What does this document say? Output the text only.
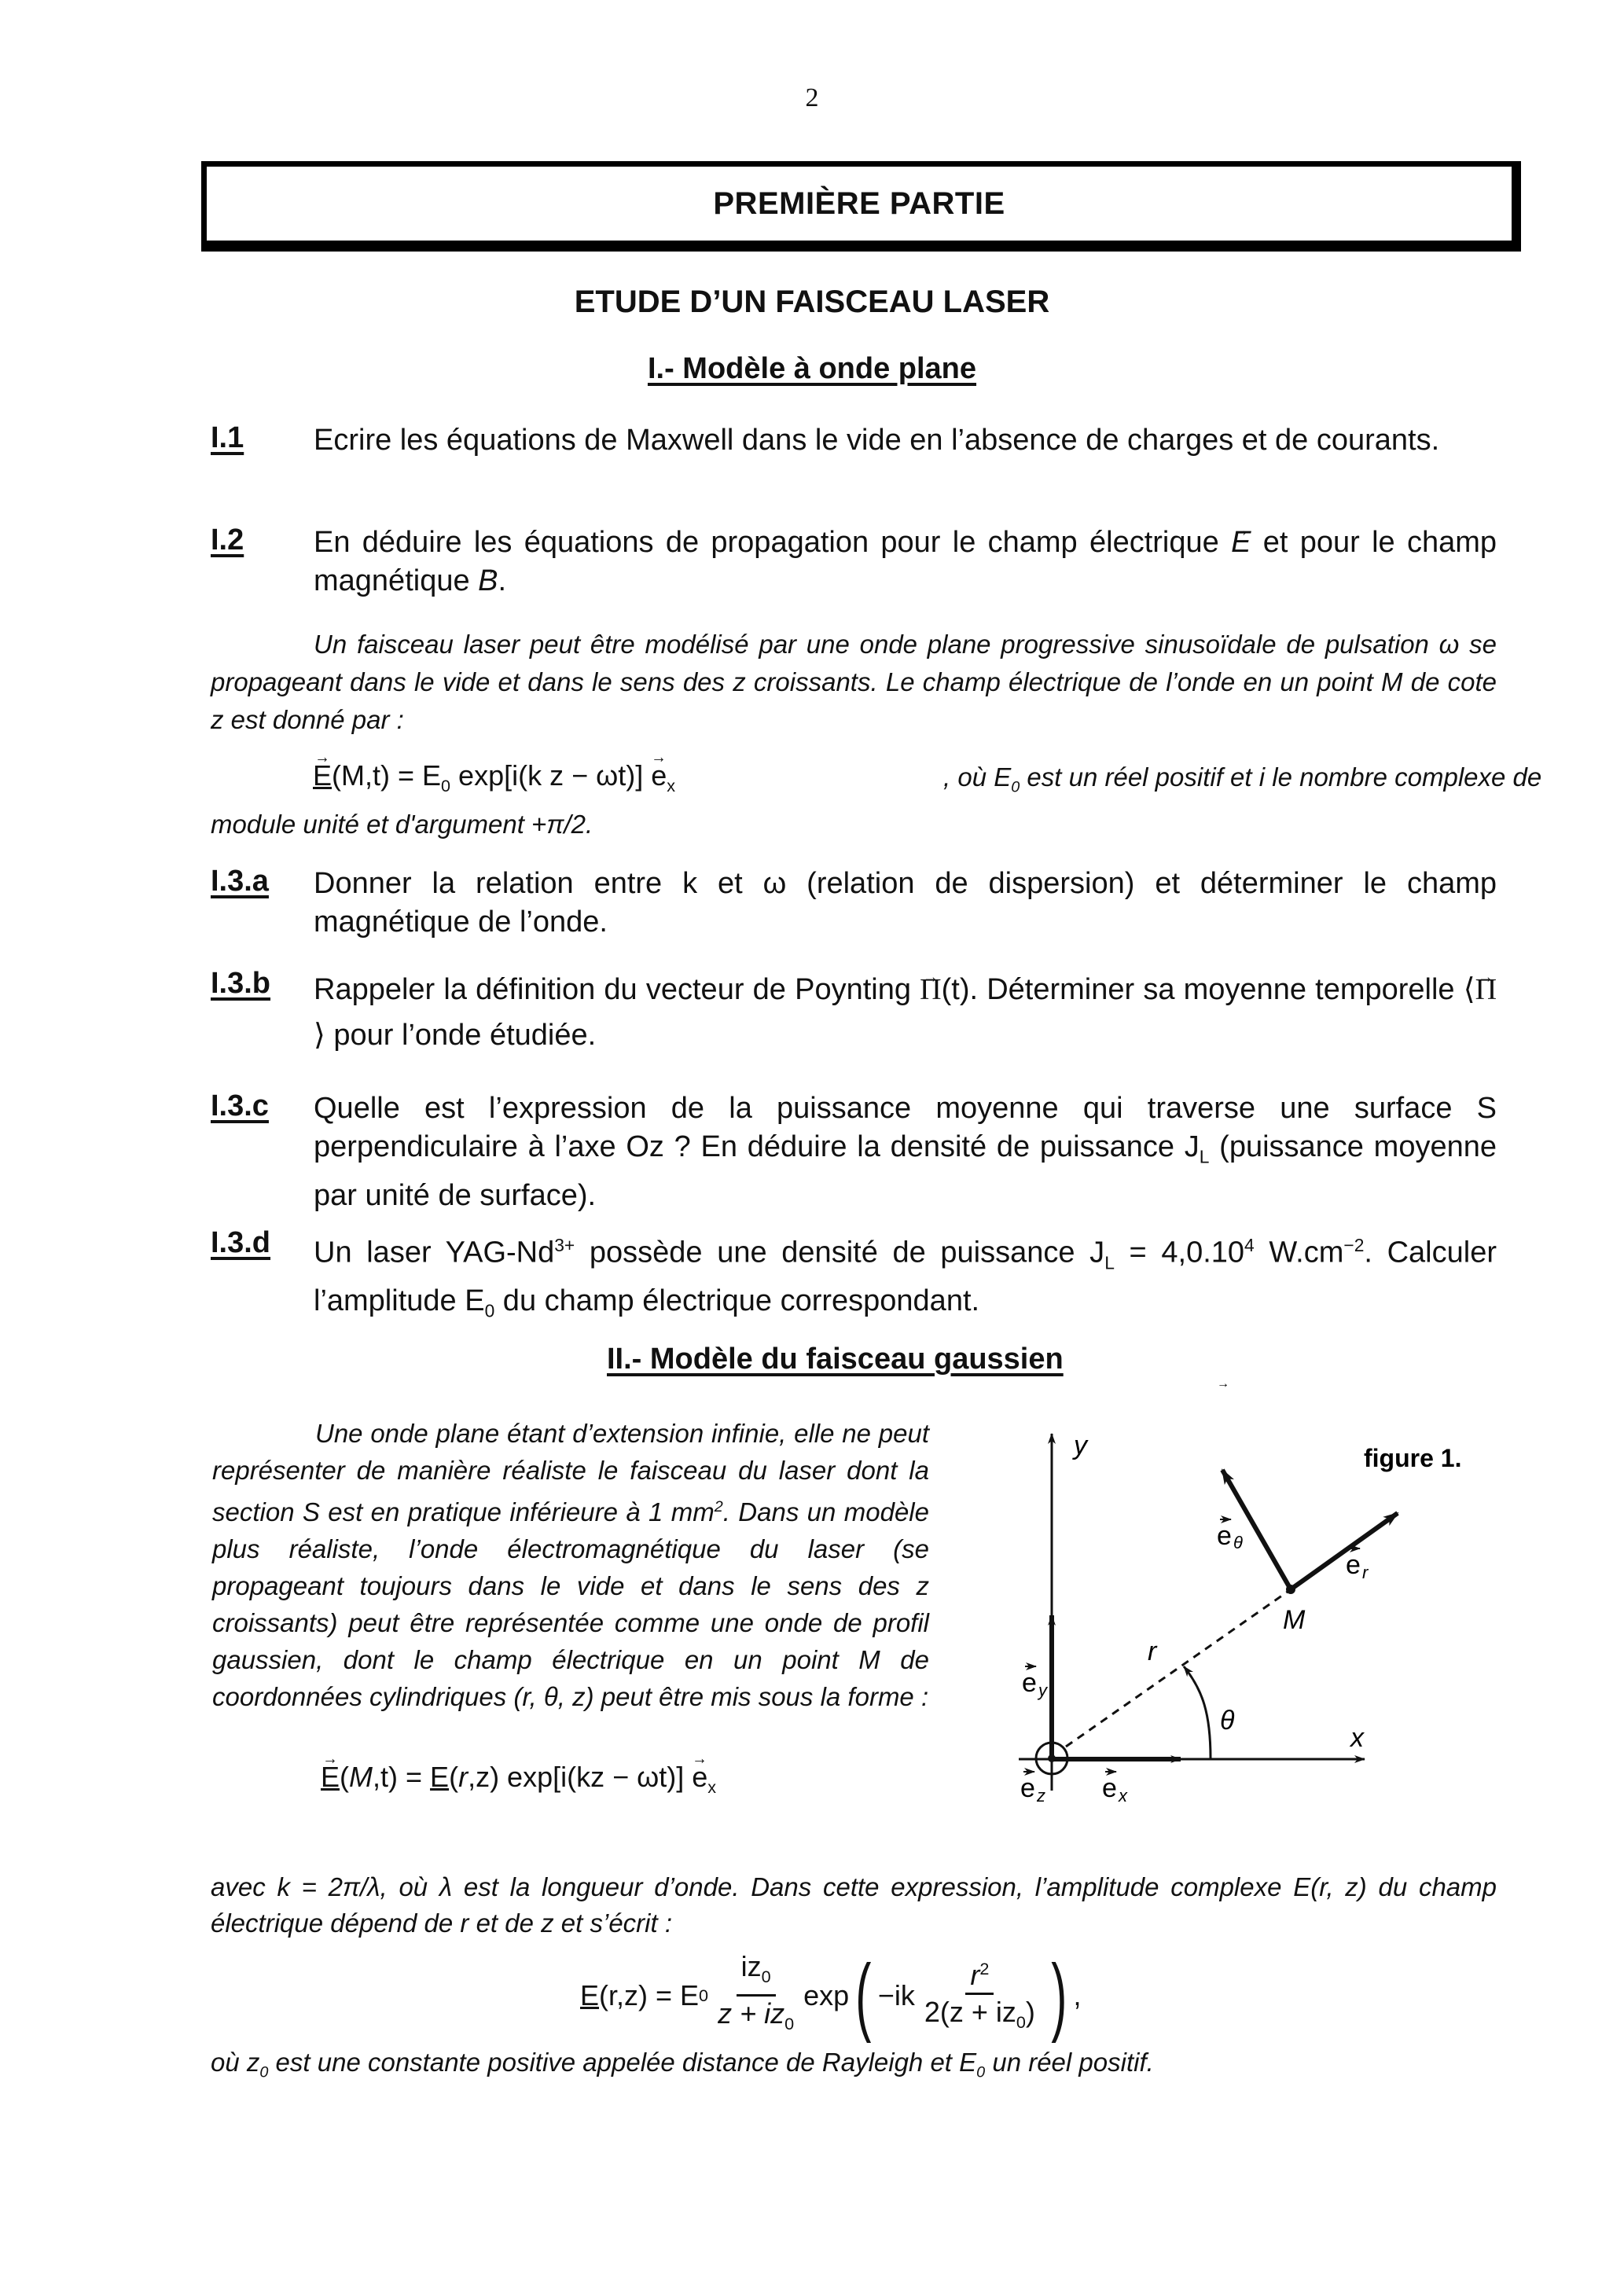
2
PREMIÈRE PARTIE
ETUDE D’UN FAISCEAU LASER
I.- Modèle à onde plane
I.1 Ecrire les équations de Maxwell dans le vide en l’absence de charges et de courants.
I.2 En déduire les équations de propagation pour le champ électrique → E et pour le champ magnétique → B.
Un faisceau laser peut être modélisé par une onde plane progressive sinusoïdale de pulsation ω se propageant dans le vide et dans le sens des z croissants. Le champ électrique de l’onde en un point M de cote z est donné par :
→ $E(M,t) = E_0$ exp[i(k $z - \omega t)] \to e_x$	, où $E_0$ est un réel positif et i le nombre complexe de
module unité et d'argument +π/2.
I.3.a Donner la relation entre k et ω (relation de dispersion) et déterminer le champ magnétique de l’onde.
I.3.b Rappeler la définition du vecteur de Poynting → Π(t). Déterminer sa moyenne temporelle ⟨→ Π⟩ pour l’onde étudiée.
I.3.c Quelle est l’expression de la puissance moyenne qui traverse une surface S perpendiculaire à l’axe Oz ? En déduire la densité de puissance $J_L$ (puissance moyenne par unité de surface).
I.3.d Un laser YAG-$Nd^{3+}$ possède une densité de puissance $J_L = 4,0.10^4$ $W.cm^{-2}$. Calculer l’amplitude $E_0$ du champ électrique correspondant.
II.- Modèle du faisceau gaussien
Une onde plane étant d’extension infinie, elle ne peut représenter de manière réaliste le faisceau du laser dont la section S est en pratique inférieure à 1 $mm^2$. Dans un modèle plus réaliste, l’onde électromagnétique du laser (se propageant toujours dans le vide et dans le sens des z croissants) peut être représentée comme une onde de profil gaussien, dont le champ électrique en un point M de coordonnées cylindriques (r, θ, z) peut être mis sous la forme :
→ E(M,t) = E(r,z) $\exp[i(kz - \omega t)] \to e_x$
y
x
figure 1.
M
r
θ
→
e θ
e r
e y
e z e x
avec k = 2π/λ, où λ est la longueur d’onde. Dans cette expression, l’amplitude complexe E(r, z) du champ électrique dépend de r et de z et s’écrit :
E (r,z) = E $0 \frac{iz_0}{z + iz_0}$ exp ( $-ik \frac{r^2}{2(z + iz_0)}$ ) ,
où $z_0$ est une constante positive appelée distance de Rayleigh et $E_0$ un réel positif.
